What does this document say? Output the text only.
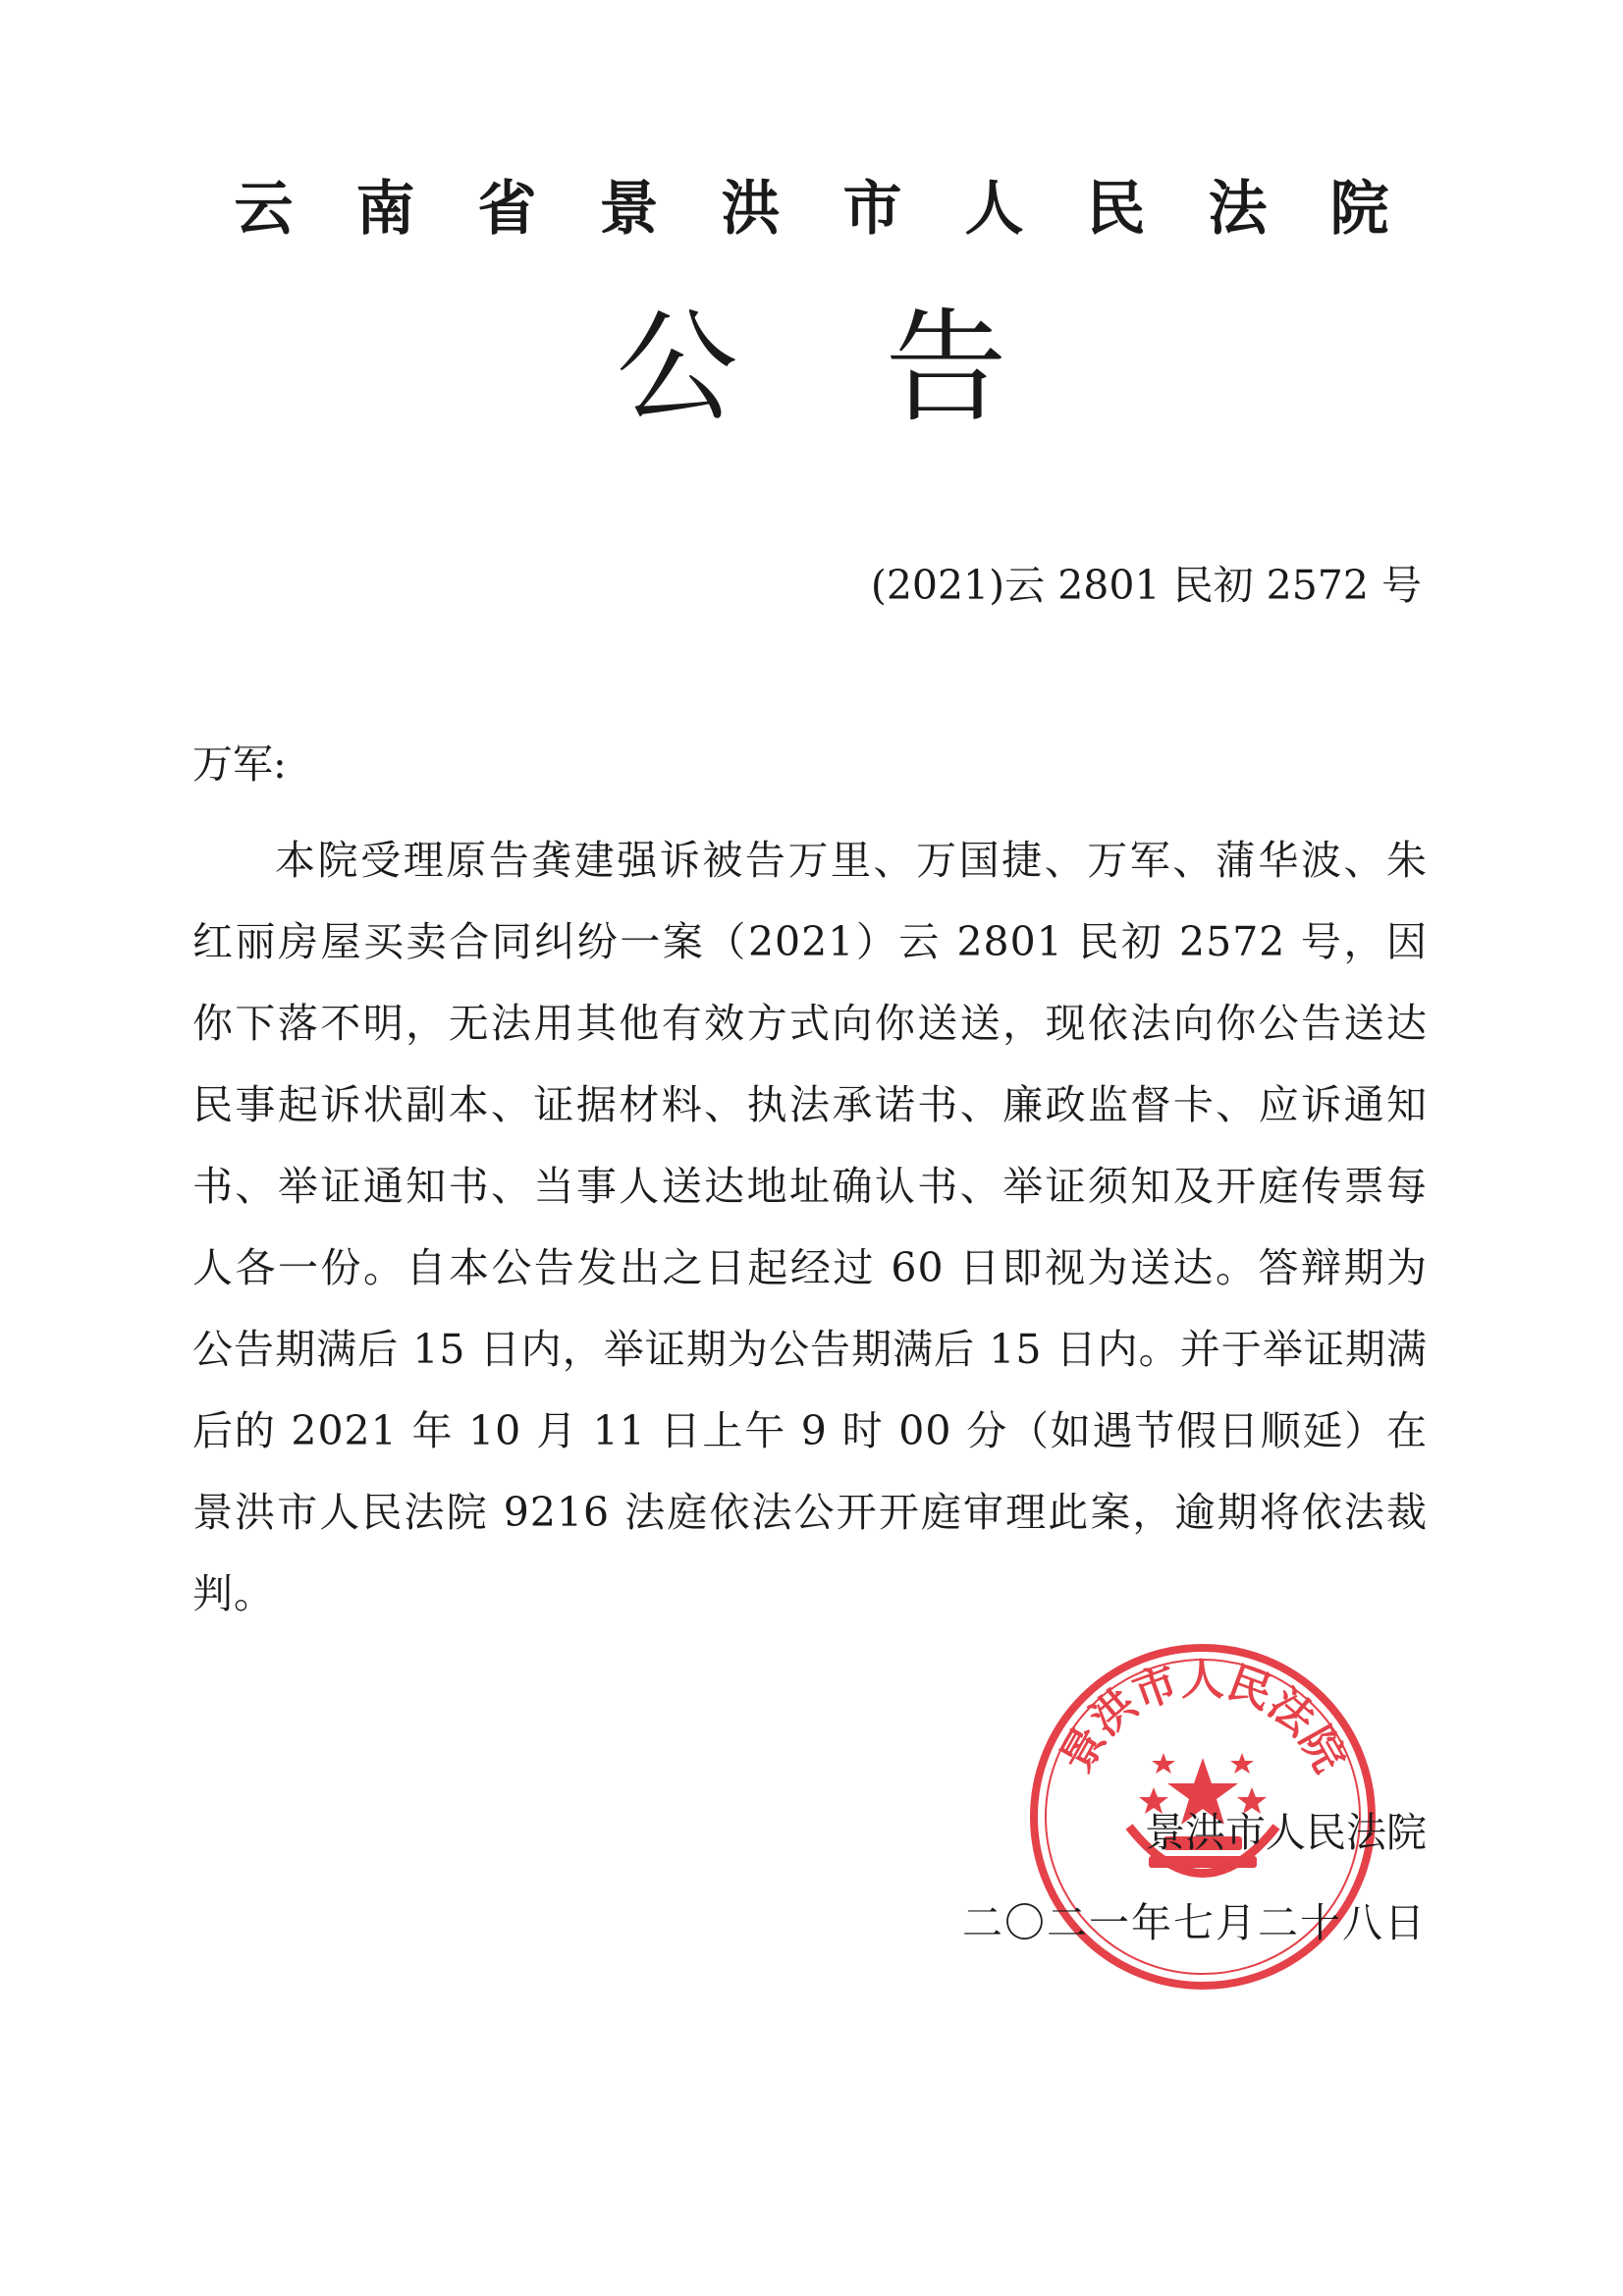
云南省景洪市人民法院
公告
(2021)云 2801 民初 2572 号
万军:

本院受理原告龚建强诉被告万里、万国捷、万军、蒲华波、朱红丽房屋买卖合同纠纷一案（2021）云 2801 民初 2572 号，因你下落不明，无法用其他有效方式向你送送，现依法向你公告送达民事起诉状副本、证据材料、执法承诺书、廉政监督卡、应诉通知书、举证通知书、当事人送达地址确认书、举证须知及开庭传票每人各一份。自本公告发出之日起经过 60 日即视为送达。答辩期为公告期满后 15 日内，举证期为公告期满后 15 日内。并于举证期满后的 2021 年 10 月 11 日上午 9 时 00 分（如遇节假日顺延）在景洪市人民法院 9216 法庭依法公开开庭审理此案，逾期将依法裁判。

景洪市人民法院
景洪市人民法院
二〇二一年七月二十八日
